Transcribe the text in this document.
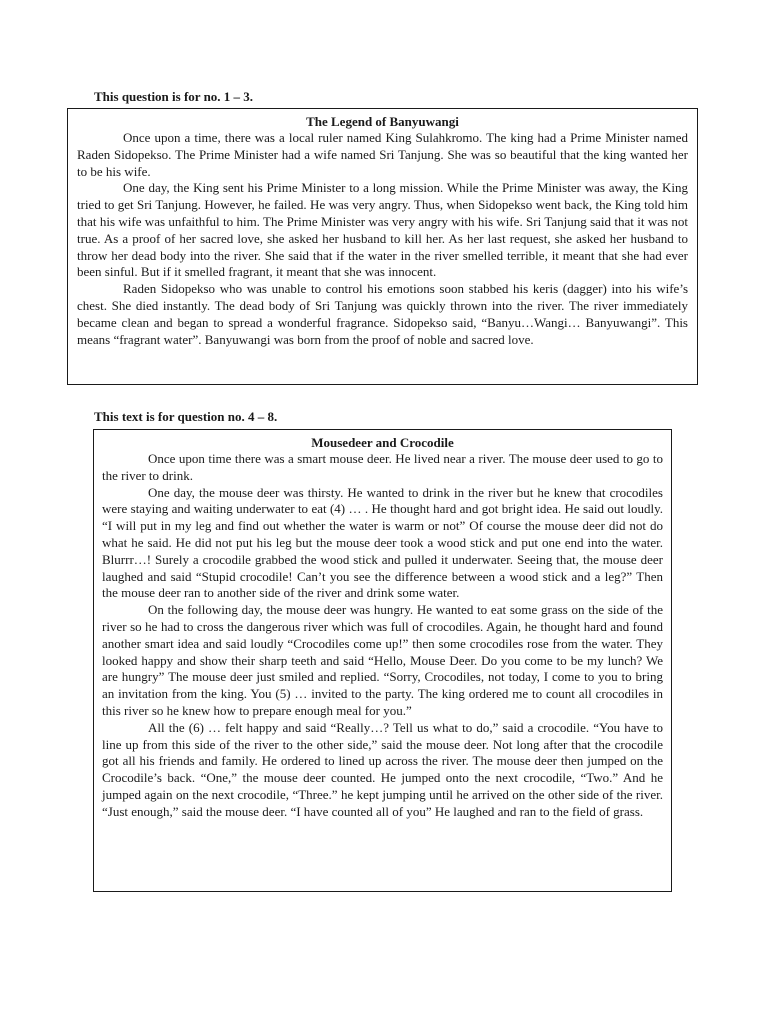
This question is for no. 1 – 3.

The Legend of Banyuwangi

Once upon a time, there was a local ruler named King Sulahkromo. The king had a Prime Minister named Raden Sidopekso. The Prime Minister had a wife named Sri Tanjung. She was so beautiful that the king wanted her to be his wife.

One day, the King sent his Prime Minister to a long mission. While the Prime Minister was away, the King tried to get Sri Tanjung. However, he failed. He was very angry. Thus, when Sidopekso went back, the King told him that his wife was unfaithful to him. The Prime Minister was very angry with his wife. Sri Tanjung said that it was not true. As a proof of her sacred love, she asked her husband to kill her. As her last request, she asked her husband to throw her dead body into the river. She said that if the water in the river smelled terrible, it meant that she had ever been sinful. But if it smelled fragrant, it meant that she was innocent.

Raden Sidopekso who was unable to control his emotions soon stabbed his keris (dagger) into his wife’s chest. She died instantly. The dead body of Sri Tanjung was quickly thrown into the river. The river immediately became clean and began to spread a wonderful fragrance. Sidopekso said, “Banyu…Wangi… Banyuwangi”. This means “fragrant water”. Banyuwangi was born from the proof of noble and sacred love.

This text is for question no. 4 – 8.

Mousedeer and Crocodile

Once upon time there was a smart mouse deer. He lived near a river. The mouse deer used to go to the river to drink.

One day, the mouse deer was thirsty. He wanted to drink in the river but he knew that crocodiles were staying and waiting underwater to eat (4) … . He thought hard and got bright idea. He said out loudly. “I will put in my leg and find out whether the water is warm or not” Of course the mouse deer did not do what he said. He did not put his leg but the mouse deer took a wood stick and put one end into the water. Blurrr…! Surely a crocodile grabbed the wood stick and pulled it underwater. Seeing that, the mouse deer laughed and said “Stupid crocodile! Can’t you see the difference between a wood stick and a leg?” Then the mouse deer ran to another side of the river and drink some water.

On the following day, the mouse deer was hungry. He wanted to eat some grass on the side of the river so he had to cross the dangerous river which was full of crocodiles. Again, he thought hard and found another smart idea and said loudly “Crocodiles come up!” then some crocodiles rose from the water. They looked happy and show their sharp teeth and said “Hello, Mouse Deer. Do you come to be my lunch? We are hungry” The mouse deer just smiled and replied. “Sorry, Crocodiles, not today, I come to you to bring an invitation from the king. You (5) … invited to the party. The king ordered me to count all crocodiles in this river so he knew how to prepare enough meal for you.”

All the (6) … felt happy and said “Really…? Tell us what to do,” said a crocodile. “You have to line up from this side of the river to the other side,” said the mouse deer. Not long after that the crocodile got all his friends and family. He ordered to lined up across the river. The mouse deer then jumped on the Crocodile’s back. “One,” the mouse deer counted. He jumped onto the next crocodile, “Two.” And he jumped again on the next crocodile, “Three.” he kept jumping until he arrived on the other side of the river. “Just enough,” said the mouse deer. “I have counted all of you” He laughed and ran to the field of grass.
